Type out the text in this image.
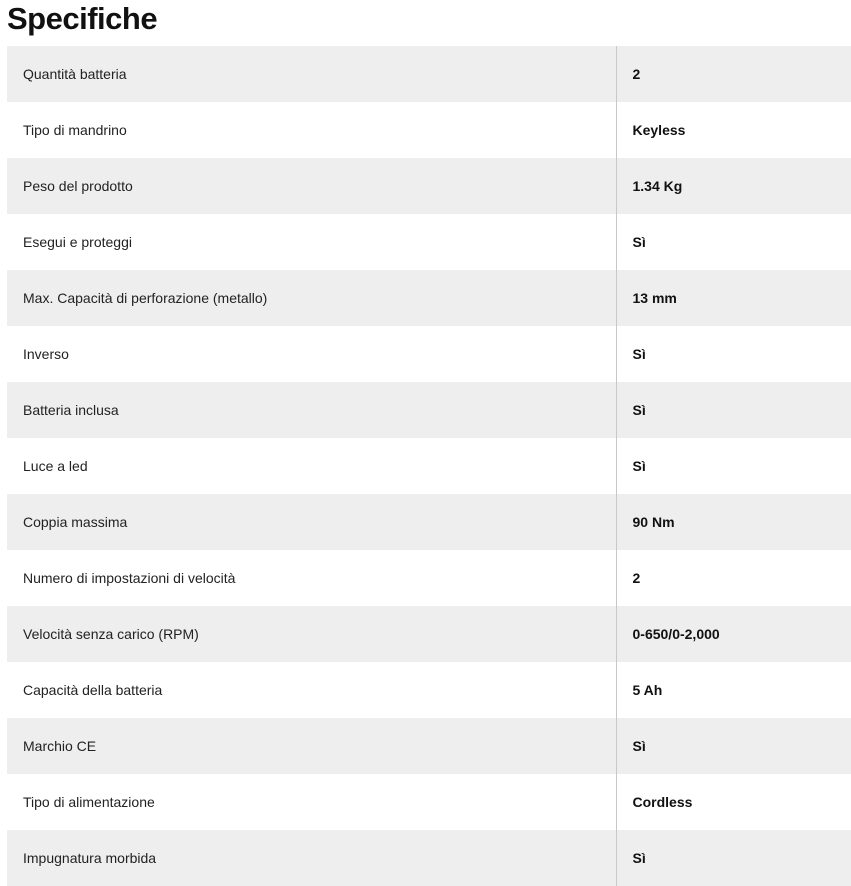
Specifiche
Quantità batteria	2
Tipo di mandrino	Keyless
Peso del prodotto	1.34 Kg
Esegui e proteggi	Sì
Max. Capacità di perforazione (metallo)	13 mm
Inverso	Sì
Batteria inclusa	Sì
Luce a led	Sì
Coppia massima	90 Nm
Numero di impostazioni di velocità	2
Velocità senza carico (RPM)	0-650/0-2,000
Capacità della batteria	5 Ah
Marchio CE	Sì
Tipo di alimentazione	Cordless
Impugnatura morbida	Sì
